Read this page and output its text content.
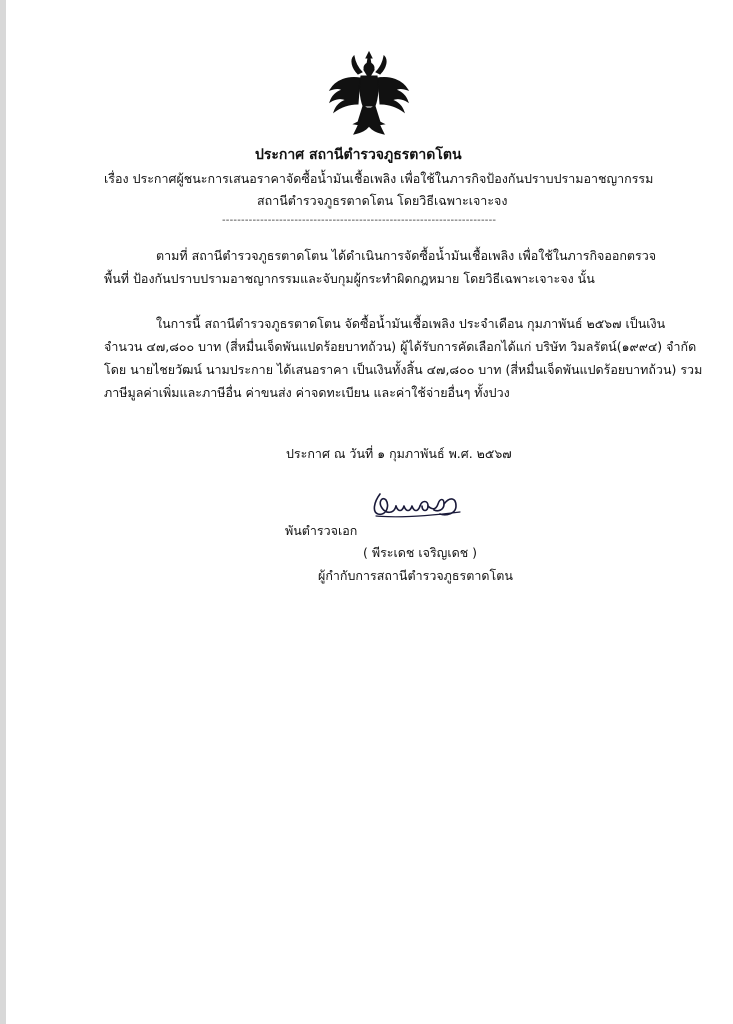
ประกาศ สถานีตำรวจภูธรตาดโตน
เรื่อง ประกาศผู้ชนะการเสนอราคาจัดซื้อน้ำมันเชื้อเพลิง เพื่อใช้ในภารกิจป้องกันปราบปรามอาชญากรรม
สถานีตำรวจภูธรตาดโตน โดยวิธีเฉพาะเจาะจง
------------------------------------------------------------------------
ตามที่ สถานีตำรวจภูธรตาดโตน ได้ดำเนินการจัดซื้อน้ำมันเชื้อเพลิง เพื่อใช้ในภารกิจออกตรวจ
พื้นที่ ป้องกันปราบปรามอาชญากรรมและจับกุมผู้กระทำผิดกฎหมาย โดยวิธีเฉพาะเจาะจง นั้น
ในการนี้ สถานีตำรวจภูธรตาดโตน จัดซื้อน้ำมันเชื้อเพลิง ประจำเดือน กุมภาพันธ์ ๒๕๖๗ เป็นเงิน
จำนวน ๔๗,๘๐๐ บาท (สี่หมื่นเจ็ดพันแปดร้อยบาทถ้วน) ผู้ได้รับการคัดเลือกได้แก่ บริษัท วิมลรัตน์(๑๙๙๔) จำกัด
โดย นายไชยวัฒน์ นามประกาย ได้เสนอราคา เป็นเงินทั้งสิ้น ๔๗,๘๐๐ บาท (สี่หมื่นเจ็ดพันแปดร้อยบาทถ้วน) รวม
ภาษีมูลค่าเพิ่มและภาษีอื่น ค่าขนส่ง ค่าจดทะเบียน และค่าใช้จ่ายอื่นๆ ทั้งปวง
ประกาศ ณ วันที่ ๑ กุมภาพันธ์ พ.ศ. ๒๕๖๗
พันตำรวจเอก
( พีระเดช เจริญเดช )
ผู้กำกับการสถานีตำรวจภูธรตาดโตน
